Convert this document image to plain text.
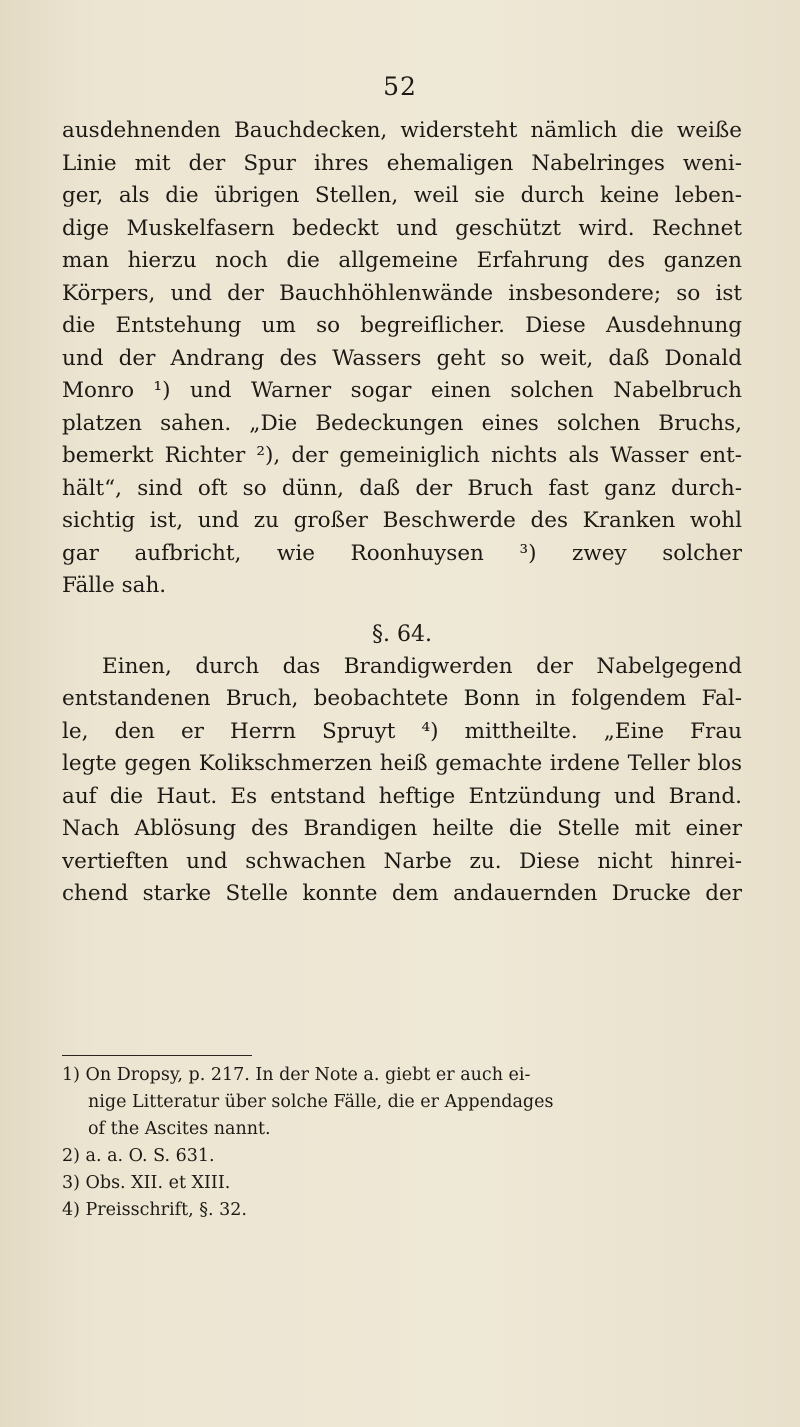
52
ausdehnenden Bauchdecken, widersteht nämlich die weiße
Linie mit der Spur ihres ehemaligen Nabelringes weni-
ger, als die übrigen Stellen, weil sie durch keine leben-
dige Muskelfasern bedeckt und geschützt wird. Rechnet
man hierzu noch die allgemeine Erfahrung des ganzen
Körpers, und der Bauchhöhlenwände insbesondere; so ist
die Entstehung um so begreiflicher. Diese Ausdehnung
und der Andrang des Wassers geht so weit, daß Donald
Monro ¹) und Warner sogar einen solchen Nabelbruch
platzen sahen. „Die Bedeckungen eines solchen Bruchs,
bemerkt Richter ²), der gemeiniglich nichts als Wasser ent-
hält“, sind oft so dünn, daß der Bruch fast ganz durch-
sichtig ist, und zu großer Beschwerde des Kranken wohl
gar aufbricht, wie Roonhuysen ³) zwey solcher
Fälle sah.
§. 64.
Einen, durch das Brandigwerden der Nabelgegend
entstandenen Bruch, beobachtete Bonn in folgendem Fal-
le, den er Herrn Spruyt ⁴) mittheilte. „Eine Frau
legte gegen Kolikschmerzen heiß gemachte irdene Teller blos
auf die Haut. Es entstand heftige Entzündung und Brand.
Nach Ablösung des Brandigen heilte die Stelle mit einer
vertieften und schwachen Narbe zu. Diese nicht hinrei-
chend starke Stelle konnte dem andauernden Drucke der
1) On Dropsy, p. 217. In der Note a. giebt er auch ei-
nige Litteratur über solche Fälle, die er Appendages
of the Ascites nannt.
2) a. a. O. S. 631.
3) Obs. XII. et XIII.
4) Preisschrift, §. 32.
